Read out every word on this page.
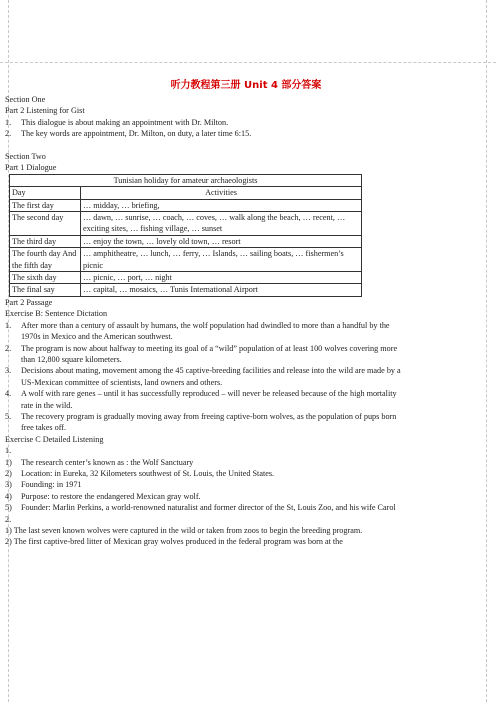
听力教程第三册 Unit 4 部分答案
Section One
Part 2 Listening for Gist
1. This dialogue is about making an appointment with Dr. Milton.
2. The key words are appointment, Dr. Milton, on duty, a later time 6:15.
Section Two
Part 1 Dialogue
Tunisian holiday for amateur archaeologists	
Day	Activities
The first day	… midday, … briefing,
The second day	… dawn, … sunrise, … coach, … coves, … walk along the beach, … recent, … exciting sites, … fishing village, … sunset
The third day	… enjoy the town, … lovely old town, … resort
The fourth day And the fifth day	… amphitheatre, … lunch, … ferry, … Islands, … sailing boats, … fishermen’s picnic
The sixth day	… picnic, … port, … night
The final say	… capital, … mosaics, … Tunis International Airport
Part 2 Passage
Exercise B: Sentence Dictation
1. After more than a century of assault by humans, the wolf population had dwindled to more than a handful by the
1970s in Mexico and the American southwest.
2. The program is now about halfway to meeting its goal of a “wild” population of at least 100 wolves covering more
than 12,800 square kilometers.
3. Decisions about mating, movement among the 45 captive-breeding facilities and release into the wild are made by a
US-Mexican committee of scientists, land owners and others.
4. A wolf with rare genes – until it has successfully reproduced – will never be released because of the high mortality
rate in the wild.
5. The recovery program is gradually moving away from freeing captive-born wolves, as the population of pups born
free takes off.
Exercise C Detailed Listening
1.
1) The research center’s known as : the Wolf Sanctuary
2) Location: in Eureka, 32 Kilometers southwest of St. Louis, the United States.
3) Founding: in 1971
4) Purpose: to restore the endangered Mexican gray wolf.
5) Founder: Marlin Perkins, a world-renowned naturalist and former director of the St, Louis Zoo, and his wife Carol
2.
1) The last seven known wolves were captured in the wild or taken from zoos to begin the breeding program.
2) The first captive-bred litter of Mexican gray wolves produced in the federal program was born at the
